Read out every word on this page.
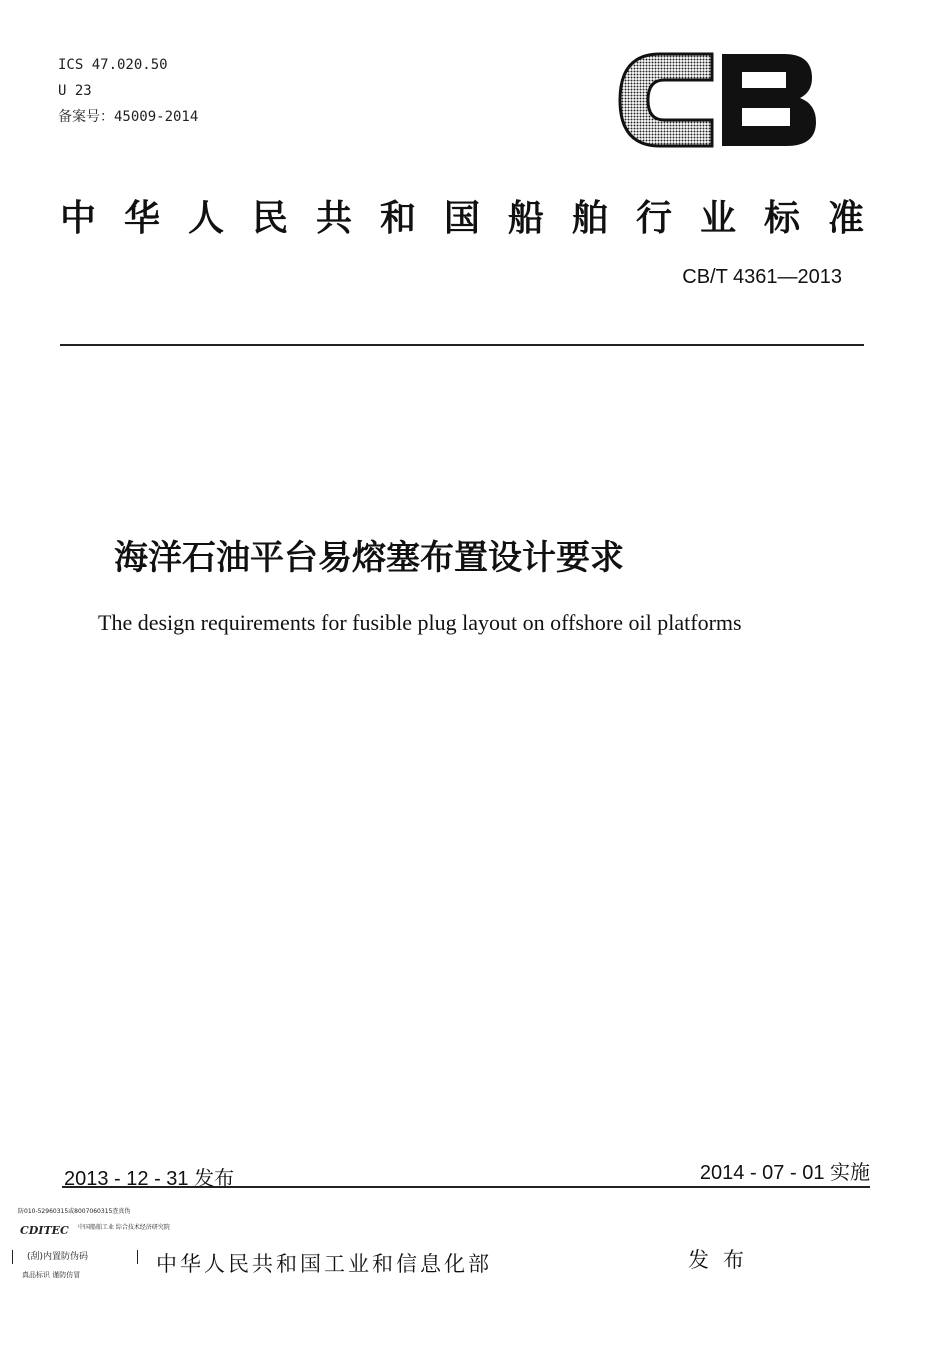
ICS 47.020.50
U 23
备案号：45009-2014
中华人民共和国船舶行业标准
CB/T 4361—2013
海洋石油平台易熔塞布置设计要求
The design requirements for fusible plug layout on offshore oil platforms
2013 - 12 - 31 发布	2014 - 07 - 01 实施
防010-52960315或8007060315查真伪
CDITEC 中国船舶工业 综合技术经济研究院
(刮)内置防伪码
真品标识 谨防仿冒	中华人民共和国工业和信息化部	发布
